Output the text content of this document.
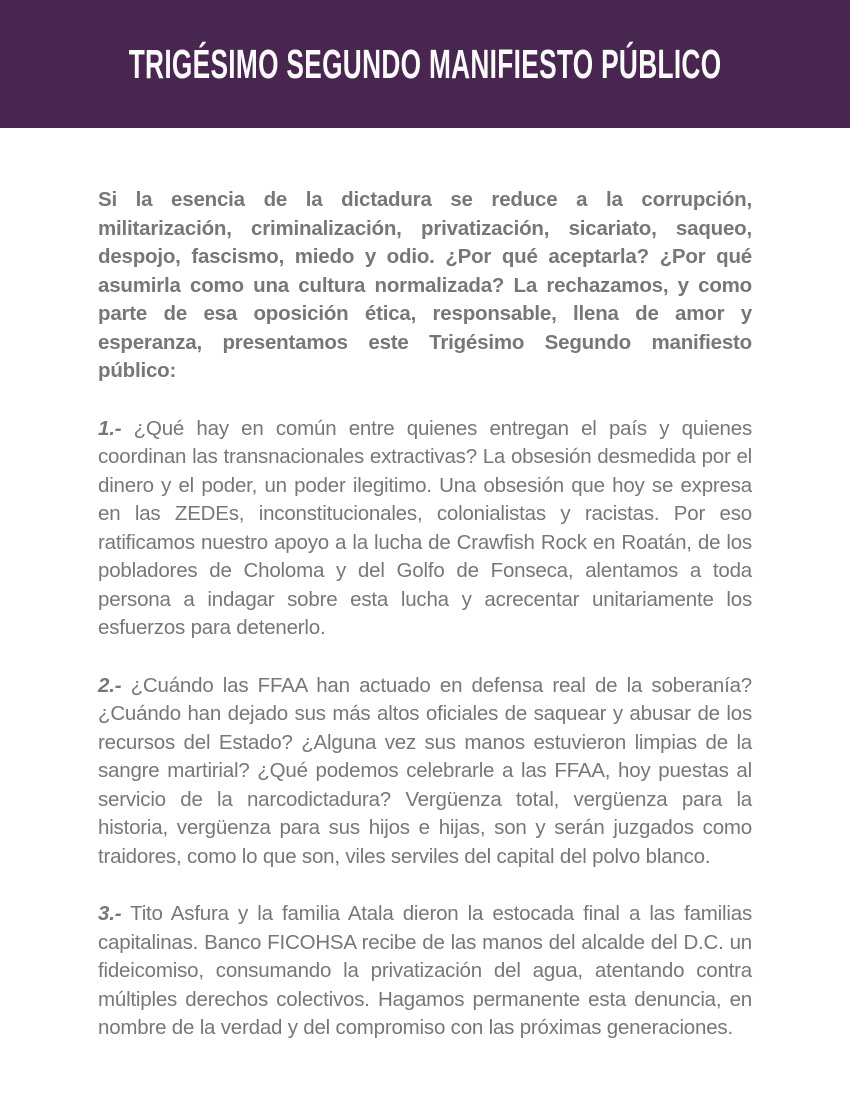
TRIGÉSIMO SEGUNDO MANIFIESTO PÚBLICO

Si la esencia de la dictadura se reduce a la corrupción, militarización, criminalización, privatización, sicariato, saqueo, despojo, fascismo, miedo y odio. ¿Por qué aceptarla? ¿Por qué asumirla como una cultura normalizada? La rechazamos, y como parte de esa oposición ética, responsable, llena de amor y esperanza, presentamos este Trigésimo Segundo manifiesto público:

1.- ¿Qué hay en común entre quienes entregan el país y quienes coordinan las transnacionales extractivas? La obsesión desmedida por el dinero y el poder, un poder ilegitimo. Una obsesión que hoy se expresa en las ZEDEs, inconstitucionales, colonialistas y racistas. Por eso ratificamos nuestro apoyo a la lucha de Crawfish Rock en Roatán, de los pobladores de Choloma y del Golfo de Fonseca, alentamos a toda persona a indagar sobre esta lucha y acrecentar unitariamente los esfuerzos para detenerlo.

2.- ¿Cuándo las FFAA han actuado en defensa real de la soberanía? ¿Cuándo han dejado sus más altos oficiales de saquear y abusar de los recursos del Estado? ¿Alguna vez sus manos estuvieron limpias de la sangre martirial? ¿Qué podemos celebrarle a las FFAA, hoy puestas al servicio de la narcodictadura? Vergüenza total, vergüenza para la historia, vergüenza para sus hijos e hijas, son y serán juzgados como traidores, como lo que son, viles serviles del capital del polvo blanco.

3.- Tito Asfura y la familia Atala dieron la estocada final a las familias capitalinas. Banco FICOHSA recibe de las manos del alcalde del D.C. un fideicomiso, consumando la privatización del agua, atentando contra múltiples derechos colectivos. Hagamos permanente esta denuncia, en nombre de la verdad y del compromiso con las próximas generaciones.
